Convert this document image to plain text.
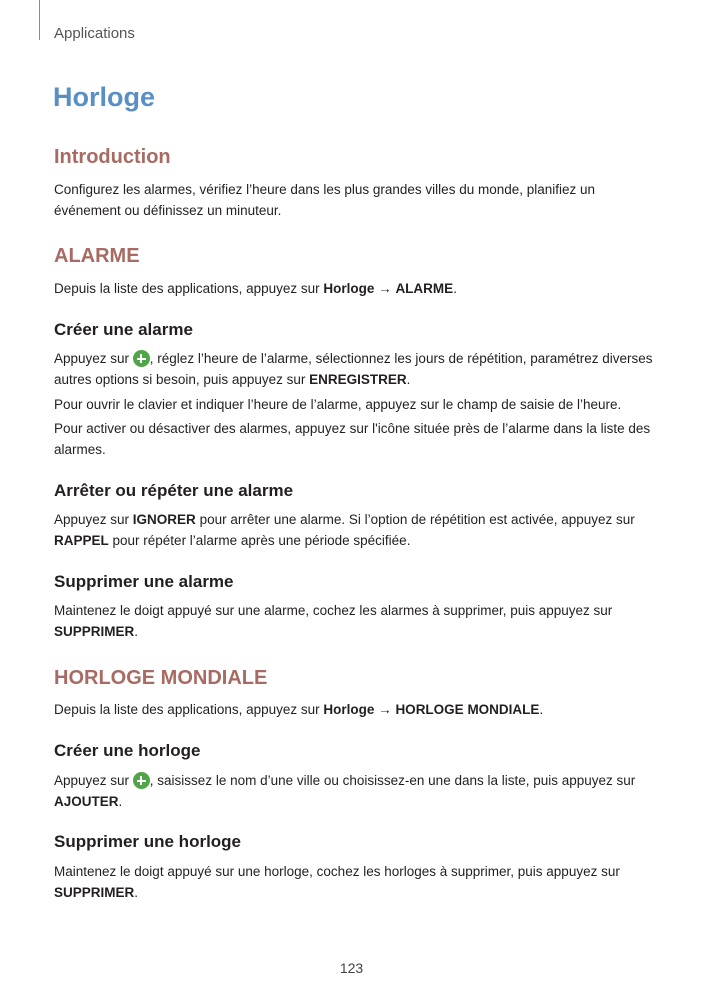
Applications
Horloge
Introduction

Configurez les alarmes, vérifiez l’heure dans les plus grandes villes du monde, planifiez un événement ou définissez un minuteur.

ALARME

Depuis la liste des applications, appuyez sur Horloge → ALARME.

Créer une alarme

Appuyez sur , réglez l’heure de l’alarme, sélectionnez les jours de répétition, paramétrez diverses autres options si besoin, puis appuyez sur ENREGISTRER.

Pour ouvrir le clavier et indiquer l’heure de l’alarme, appuyez sur le champ de saisie de l’heure.

Pour activer ou désactiver des alarmes, appuyez sur l'icône située près de l’alarme dans la liste des alarmes.

Arrêter ou répéter une alarme

Appuyez sur IGNORER pour arrêter une alarme. Si l’option de répétition est activée, appuyez sur RAPPEL pour répéter l’alarme après une période spécifiée.

Supprimer une alarme

Maintenez le doigt appuyé sur une alarme, cochez les alarmes à supprimer, puis appuyez sur SUPPRIMER.

HORLOGE MONDIALE

Depuis la liste des applications, appuyez sur Horloge → HORLOGE MONDIALE.

Créer une horloge

Appuyez sur , saisissez le nom d’une ville ou choisissez-en une dans la liste, puis appuyez sur AJOUTER.

Supprimer une horloge

Maintenez le doigt appuyé sur une horloge, cochez les horloges à supprimer, puis appuyez sur SUPPRIMER.

123
